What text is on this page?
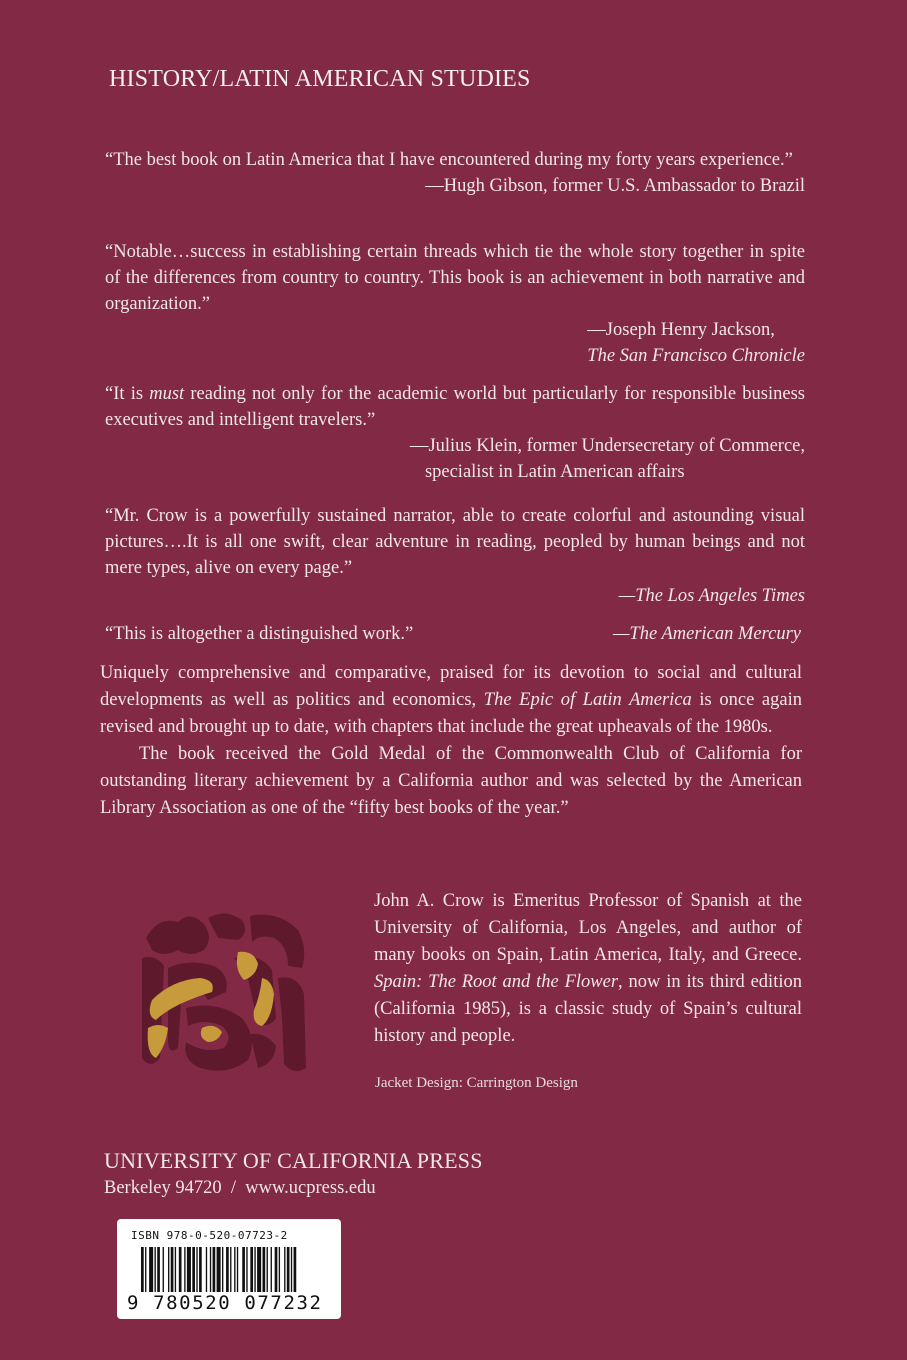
HISTORY/LATIN AMERICAN STUDIES

“The best book on Latin America that I have encountered during my forty years experience.”

—Hugh Gibson, former U.S. Ambassador to Brazil

“Notable…success in establishing certain threads which tie the whole story together in spite of the differences from country to country. This book is an achievement in both narrative and organization.”

—Joseph Henry Jackson,
The San Francisco Chronicle

“It is must reading not only for the academic world but particularly for responsible business executives and intelligent travelers.”

—Julius Klein, former Undersecretary of Commerce,
specialist in Latin American affairs

“Mr. Crow is a powerfully sustained narrator, able to create colorful and astounding visual pictures….It is all one swift, clear adventure in reading, peopled by human beings and not mere types, alive on every page.”

—The Los Angeles Times

“This is altogether a distinguished work.”	—The American Mercury

Uniquely comprehensive and comparative, praised for its devotion to social and cultural developments as well as politics and economics, The Epic of Latin America is once again revised and brought up to date, with chapters that include the great upheavals of the 1980s.

The book received the Gold Medal of the Commonwealth Club of California for outstanding literary achievement by a California author and was selected by the American Library Association as one of the “fifty best books of the year.”

John A. Crow is Emeritus Professor of Spanish at the University of California, Los Angeles, and author of many books on Spain, Latin America, Italy, and Greece. Spain: The Root and the Flower, now in its third edition (California 1985), is a classic study of Spain’s cultural history and people.

Jacket Design: Carrington Design
UNIVERSITY OF CALIFORNIA PRESS
Berkeley 94720  /  www.ucpress.edu
ISBN 978-0-520-07723-2
9 780520 077232
